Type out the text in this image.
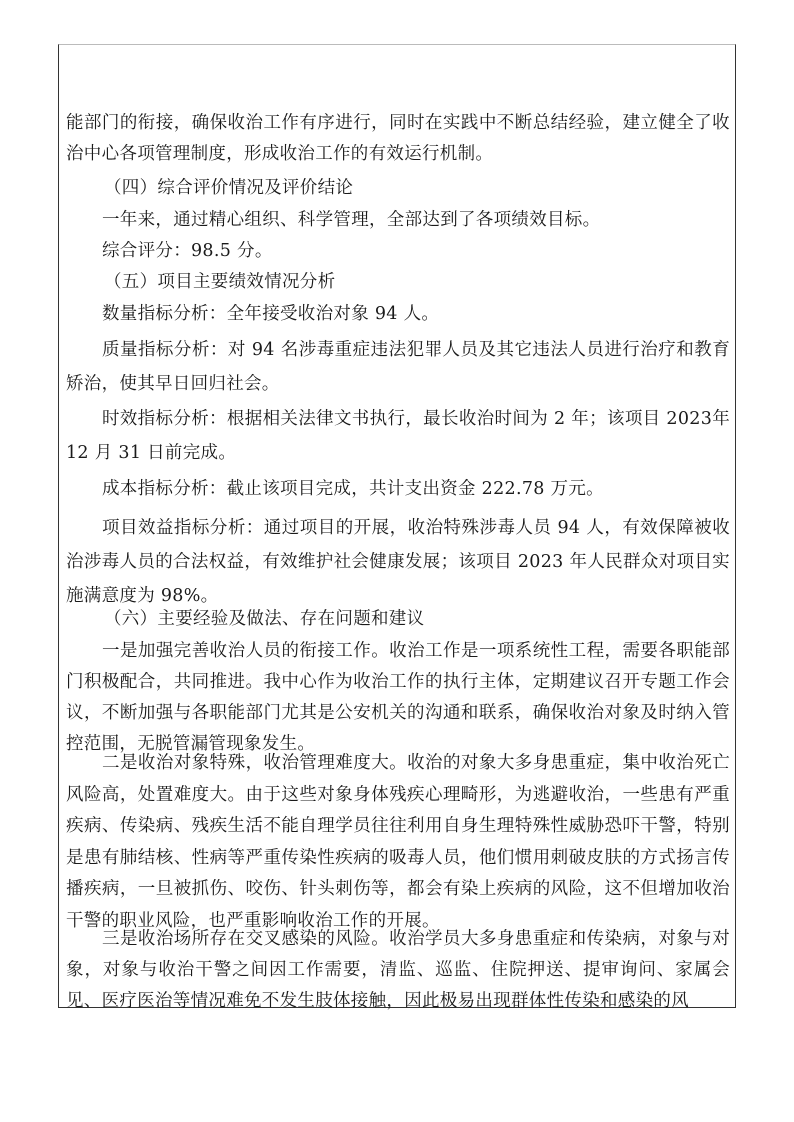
能部门的衔接，确保收治工作有序进行，同时在实践中不断总结经验，建立健全了收治中心各项管理制度，形成收治工作的有效运行机制。
（四）综合评价情况及评价结论
一年来，通过精心组织、科学管理，全部达到了各项绩效目标。
综合评分：98.5 分。
（五）项目主要绩效情况分析
数量指标分析：全年接受收治对象 94 人。
质量指标分析：对 94 名涉毒重症违法犯罪人员及其它违法人员进行治疗和教育矫治，使其早日回归社会。
时效指标分析：根据相关法律文书执行，最长收治时间为 2 年；该项目 2023年 12 月 31 日前完成。
成本指标分析：截止该项目完成，共计支出资金 222.78 万元。
项目效益指标分析：通过项目的开展，收治特殊涉毒人员 94 人，有效保障被收治涉毒人员的合法权益，有效维护社会健康发展；该项目 2023 年人民群众对项目实施满意度为 98%。
（六）主要经验及做法、存在问题和建议
一是加强完善收治人员的衔接工作。收治工作是一项系统性工程，需要各职能部门积极配合，共同推进。我中心作为收治工作的执行主体，定期建议召开专题工作会议，不断加强与各职能部门尤其是公安机关的沟通和联系，确保收治对象及时纳入管控范围，无脱管漏管现象发生。
二是收治对象特殊，收治管理难度大。收治的对象大多身患重症，集中收治死亡风险高，处置难度大。由于这些对象身体残疾心理畸形，为逃避收治，一些患有严重疾病、传染病、残疾生活不能自理学员往往利用自身生理特殊性威胁恐吓干警，特别是患有肺结核、性病等严重传染性疾病的吸毒人员，他们惯用刺破皮肤的方式扬言传播疾病，一旦被抓伤、咬伤、针头刺伤等，都会有染上疾病的风险，这不但增加收治干警的职业风险，也严重影响收治工作的开展。
三是收治场所存在交叉感染的风险。收治学员大多身患重症和传染病，对象与对象，对象与收治干警之间因工作需要，清监、巡监、住院押送、提审询问、家属会见、医疗医治等情况难免不发生肢体接触，因此极易出现群体性传染和感染的风
